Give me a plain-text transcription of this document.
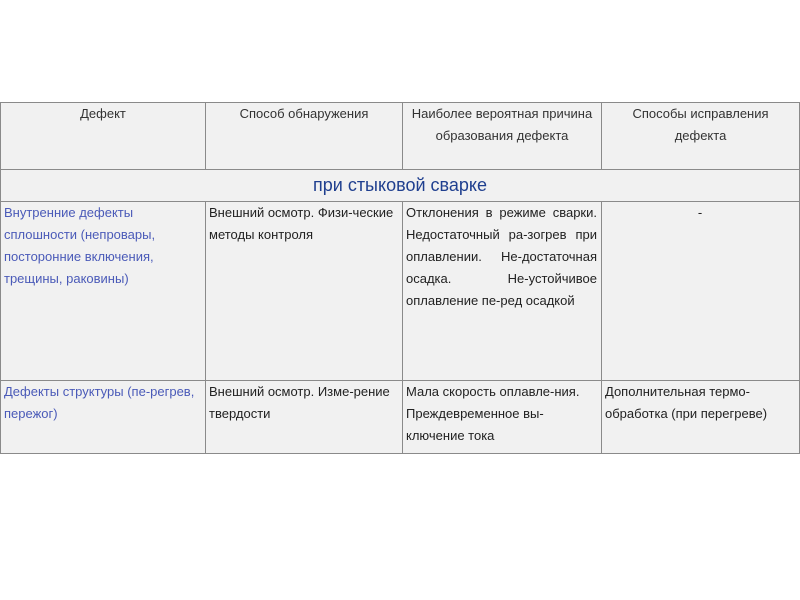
Дефект	Способ обнаружения	Наиболее вероятная причина образования дефекта	Способы исправления дефекта

при стыковой сварке			
Внутренние дефекты сплошности (непровары, посторонние включения, трещины, раковины)	Внешний осмотр. Физи-ческие методы контроля	Отклонения в режиме сварки. Недостаточный ра-зогрев при оплавлении. Не-достаточная осадка. Не-устойчивое оплавление пе-ред осадкой	-
Дефекты структуры (пе-регрев, пережог)	Внешний осмотр. Изме-рение твердости	Мала скорость оплавле-ния. Преждевременное вы-ключение тока	Дополнительная термо-обработка (при перегреве)
